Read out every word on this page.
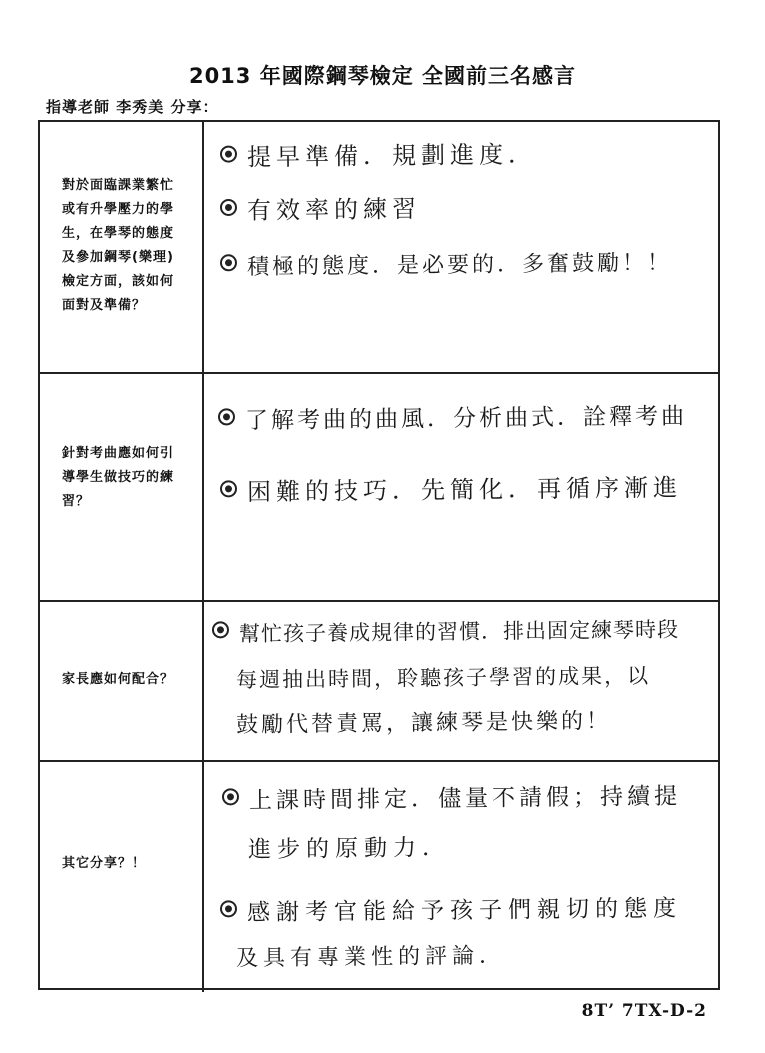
2013 年國際鋼琴檢定 全國前三名感言
指導老師 李秀美 分享：
對於面臨課業繁忙
或有升學壓力的學
生，在學琴的態度
及參加鋼琴(樂理)
檢定方面，該如何
面對及準備？
提早準備．規劃進度．
有效率的練習
積極的態度．是必要的．多奮鼓勵！！
針對考曲應如何引
導學生做技巧的練
習？
了解考曲的曲風．分析曲式．詮釋考曲
困難的技巧．先簡化．再循序漸進
家長應如何配合？
幫忙孩子養成規律的習慣．排出固定練琴時段
每週抽出時間，聆聽孩子學習的成果，以
鼓勵代替責罵，讓練琴是快樂的！
其它分享？！
上課時間排定．儘量不請假；持續提
進步的原動力．
感謝考官能給予孩子們親切的態度
及具有專業性的評論．
8T’ 7TX-D-2
